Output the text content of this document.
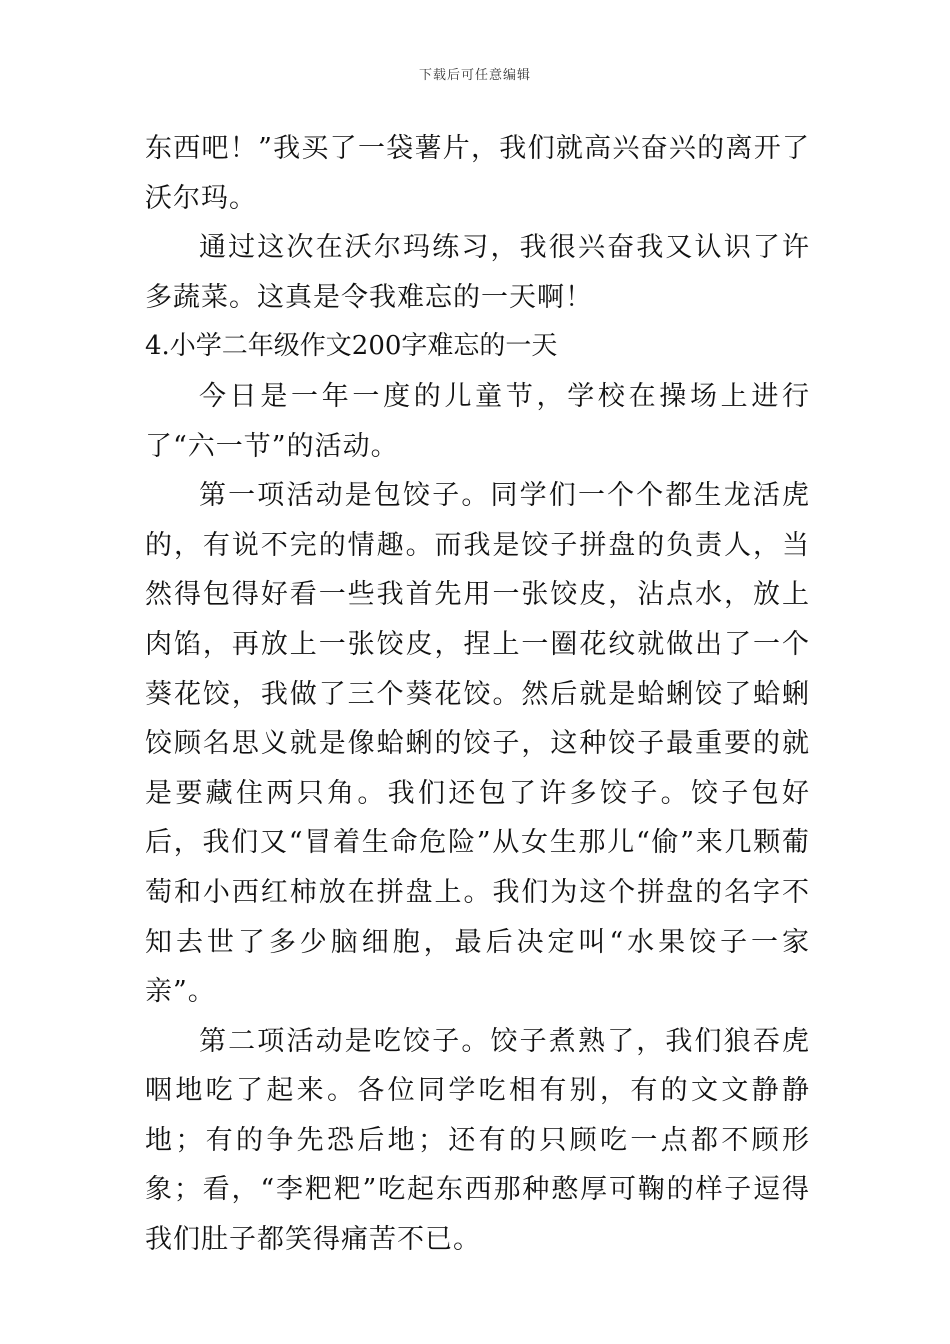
下载后可任意编辑

东西吧！”我买了一袋薯片，我们就高兴奋兴的离开了沃尔玛。

通过这次在沃尔玛练习，我很兴奋我又认识了许多蔬菜。这真是令我难忘的一天啊！

4.小学二年级作文200字难忘的一天

今日是一年一度的儿童节，学校在操场上进行了“六一节”的活动。

第一项活动是包饺子。同学们一个个都生龙活虎的，有说不完的情趣。而我是饺子拼盘的负责人，当然得包得好看一些我首先用一张饺皮，沾点水，放上肉馅，再放上一张饺皮，捏上一圈花纹就做出了一个葵花饺，我做了三个葵花饺。然后就是蛤蜊饺了蛤蜊饺顾名思义就是像蛤蜊的饺子，这种饺子最重要的就是要藏住两只角。我们还包了许多饺子。饺子包好后，我们又“冒着生命危险”从女生那儿“偷”来几颗葡萄和小西红柿放在拼盘上。我们为这个拼盘的名字不知去世了多少脑细胞，最后决定叫“水果饺子一家亲”。

第二项活动是吃饺子。饺子煮熟了，我们狼吞虎咽地吃了起来。各位同学吃相有别，有的文文静静地；有的争先恐后地；还有的只顾吃一点都不顾形象；看，“李粑粑”吃起东西那种憨厚可鞠的样子逗得我们肚子都笑得痛苦不已。
